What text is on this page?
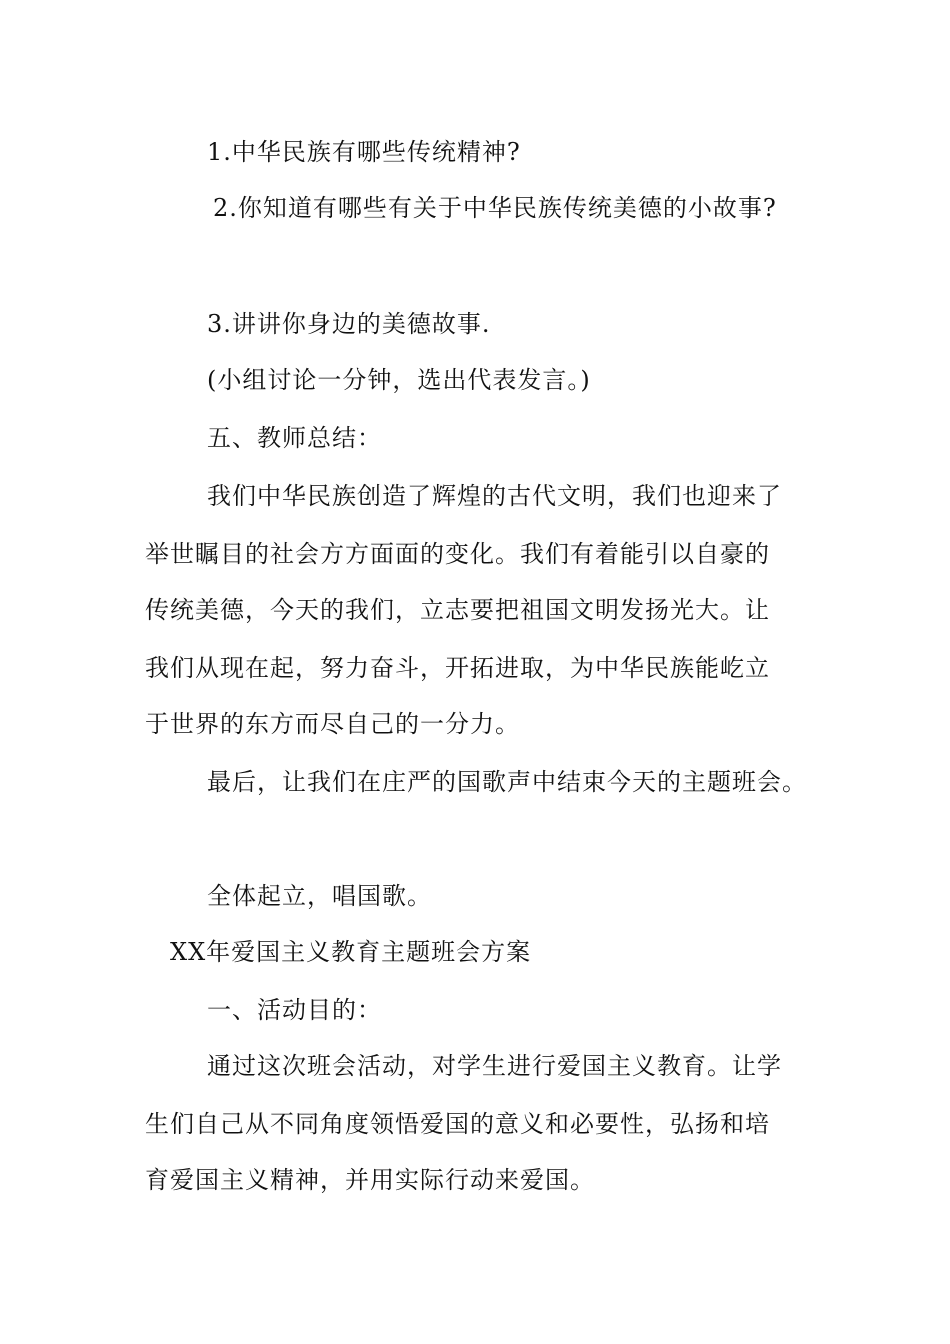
1.中华民族有哪些传统精神?
2.你知道有哪些有关于中华民族传统美德的小故事?
3.讲讲你身边的美德故事.
(小组讨论一分钟，选出代表发言。)
五、教师总结：
我们中华民族创造了辉煌的古代文明，我们也迎来了
举世瞩目的社会方方面面的变化。我们有着能引以自豪的
传统美德，今天的我们，立志要把祖国文明发扬光大。让
我们从现在起，努力奋斗，开拓进取，为中华民族能屹立
于世界的东方而尽自己的一分力。
最后，让我们在庄严的国歌声中结束今天的主题班会。
全体起立，唱国歌。
XX年爱国主义教育主题班会方案
一、活动目的：
通过这次班会活动，对学生进行爱国主义教育。让学
生们自己从不同角度领悟爱国的意义和必要性，弘扬和培
育爱国主义精神，并用实际行动来爱国。
